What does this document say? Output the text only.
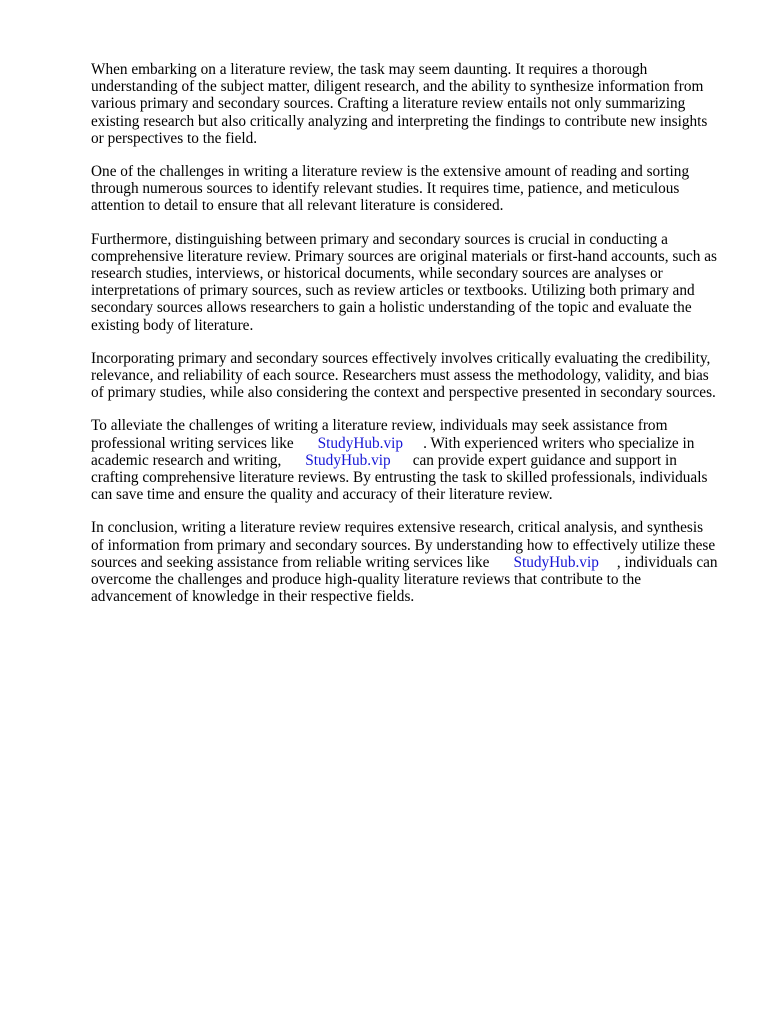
When embarking on a literature review, the task may seem daunting. It requires a thorough understanding of the subject matter, diligent research, and the ability to synthesize information from various primary and secondary sources. Crafting a literature review entails not only summarizing existing research but also critically analyzing and interpreting the findings to contribute new insights or perspectives to the field.

One of the challenges in writing a literature review is the extensive amount of reading and sorting through numerous sources to identify relevant studies. It requires time, patience, and meticulous attention to detail to ensure that all relevant literature is considered.

Furthermore, distinguishing between primary and secondary sources is crucial in conducting a comprehensive literature review. Primary sources are original materials or first-hand accounts, such as research studies, interviews, or historical documents, while secondary sources are analyses or interpretations of primary sources, such as review articles or textbooks. Utilizing both primary and secondary sources allows researchers to gain a holistic understanding of the topic and evaluate the existing body of literature.

Incorporating primary and secondary sources effectively involves critically evaluating the credibility, relevance, and reliability of each source. Researchers must assess the methodology, validity, and bias of primary studies, while also considering the context and perspective presented in secondary sources.

To alleviate the challenges of writing a literature review, individuals may seek assistance from professional writing services like StudyHub.vip . With experienced writers who specialize in academic research and writing, StudyHub.vip can provide expert guidance and support in crafting comprehensive literature reviews. By entrusting the task to skilled professionals, individuals can save time and ensure the quality and accuracy of their literature review.

In conclusion, writing a literature review requires extensive research, critical analysis, and synthesis of information from primary and secondary sources. By understanding how to effectively utilize these sources and seeking assistance from reliable writing services like StudyHub.vip , individuals can overcome the challenges and produce high-quality literature reviews that contribute to the advancement of knowledge in their respective fields.
